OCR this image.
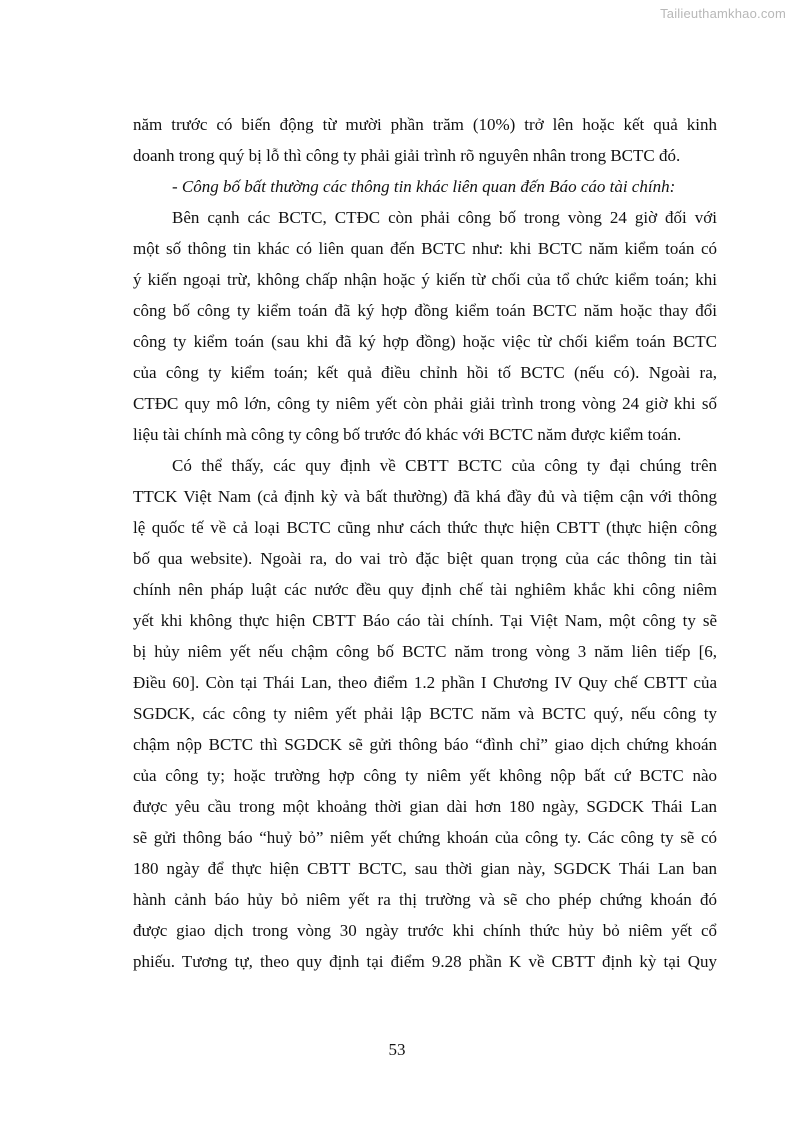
Tailieuthamkhao.com
năm trước có biến động từ mười phần trăm (10%) trở lên hoặc kết quả kinh
doanh trong quý bị lỗ thì công ty phải giải trình rõ nguyên nhân trong BCTC đó.
- Công bố bất thường các thông tin khác liên quan đến Báo cáo tài chính:
Bên cạnh các BCTC, CTĐC còn phải công bố trong vòng 24 giờ đối với
một số thông tin khác có liên quan đến BCTC như: khi BCTC năm kiểm toán có
ý kiến ngoại trừ, không chấp nhận hoặc ý kiến từ chối của tổ chức kiểm toán; khi
công bố công ty kiểm toán đã ký hợp đồng kiểm toán BCTC năm hoặc thay đổi
công ty kiểm toán (sau khi đã ký hợp đồng) hoặc việc từ chối kiểm toán BCTC
của công ty kiểm toán; kết quả điều chỉnh hồi tố BCTC (nếu có). Ngoài ra,
CTĐC quy mô lớn, công ty niêm yết còn phải giải trình trong vòng 24 giờ khi số
liệu tài chính mà công ty công bố trước đó khác với BCTC năm được kiểm toán.
Có thể thấy, các quy định về CBTT BCTC của công ty đại chúng trên
TTCK Việt Nam (cả định kỳ và bất thường) đã khá đầy đủ và tiệm cận với thông
lệ quốc tế về cả loại BCTC cũng như cách thức thực hiện CBTT (thực hiện công
bố qua website). Ngoài ra, do vai trò đặc biệt quan trọng của các thông tin tài
chính nên pháp luật các nước đều quy định chế tài nghiêm khắc khi công niêm
yết khi không thực hiện CBTT Báo cáo tài chính. Tại Việt Nam, một công ty sẽ
bị hủy niêm yết nếu chậm công bố BCTC năm trong vòng 3 năm liên tiếp [6,
Điều 60]. Còn tại Thái Lan, theo điểm 1.2 phần I Chương IV Quy chế CBTT của
SGDCK, các công ty niêm yết phải lập BCTC năm và BCTC quý, nếu công ty
chậm nộp BCTC thì SGDCK sẽ gửi thông báo “đình chỉ” giao dịch chứng khoán
của công ty; hoặc trường hợp công ty niêm yết không nộp bất cứ BCTC nào
được yêu cầu trong một khoảng thời gian dài hơn 180 ngày, SGDCK Thái Lan
sẽ gửi thông báo “huỷ bỏ” niêm yết chứng khoán của công ty. Các công ty sẽ có
180 ngày để thực hiện CBTT BCTC, sau thời gian này, SGDCK Thái Lan ban
hành cảnh báo hủy bỏ niêm yết ra thị trường và sẽ cho phép chứng khoán đó
được giao dịch trong vòng 30 ngày trước khi chính thức hủy bỏ niêm yết cổ
phiếu. Tương tự, theo quy định tại điểm 9.28 phần K về CBTT định kỳ tại Quy
53
